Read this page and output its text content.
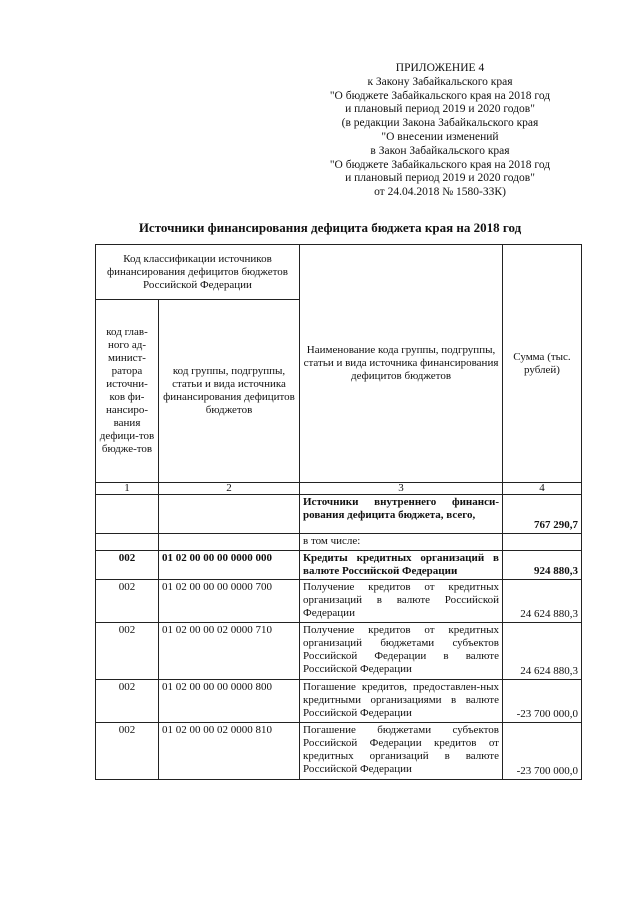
ПРИЛОЖЕНИЕ 4
к Закону Забайкальского края
"О бюджете Забайкальского края на 2018 год
и плановый период 2019 и 2020 годов"
(в редакции Закона Забайкальского края
"О внесении изменений
в Закон Забайкальского края
"О бюджете Забайкальского края на 2018 год
и плановый период 2019 и 2020 годов"
от 24.04.2018 № 1580-ЗЗК)
Источники финансирования дефицита бюджета края на 2018 год
Код классификации источников финансирования дефицитов бюджетов Российской Федерации		Наименование кода группы, подгруппы, статьи и вида источника финансирования дефицитов бюджетов	Сумма (тыс. рублей)
код глав-ного ад-минист-ратора источни-ков фи-нансиро-вания дефици-тов бюдже-тов	код группы, подгруппы, статьи и вида источника финансирования дефицитов бюджетов		
1	2	3	4
		Источники внутреннего финанси-рования дефицита бюджета, всего,	767 290,7
		в том числе:	
002	01 02 00 00 00 0000 000	Кредиты кредитных организаций в валюте Российской Федерации	924 880,3
002	01 02 00 00 00 0000 700	Получение кредитов от кредитных организаций в валюте Российской Федерации	24 624 880,3
002	01 02 00 00 02 0000 710	Получение кредитов от кредитных организаций бюджетами субъектов Российской Федерации в валюте Российской Федерации	24 624 880,3
002	01 02 00 00 00 0000 800	Погашение кредитов, предоставлен-ных кредитными организациями в валюте Российской Федерации	-23 700 000,0
002	01 02 00 00 02 0000 810	Погашение бюджетами субъектов Российской Федерации кредитов от кредитных организаций в валюте Российской Федерации	-23 700 000,0
